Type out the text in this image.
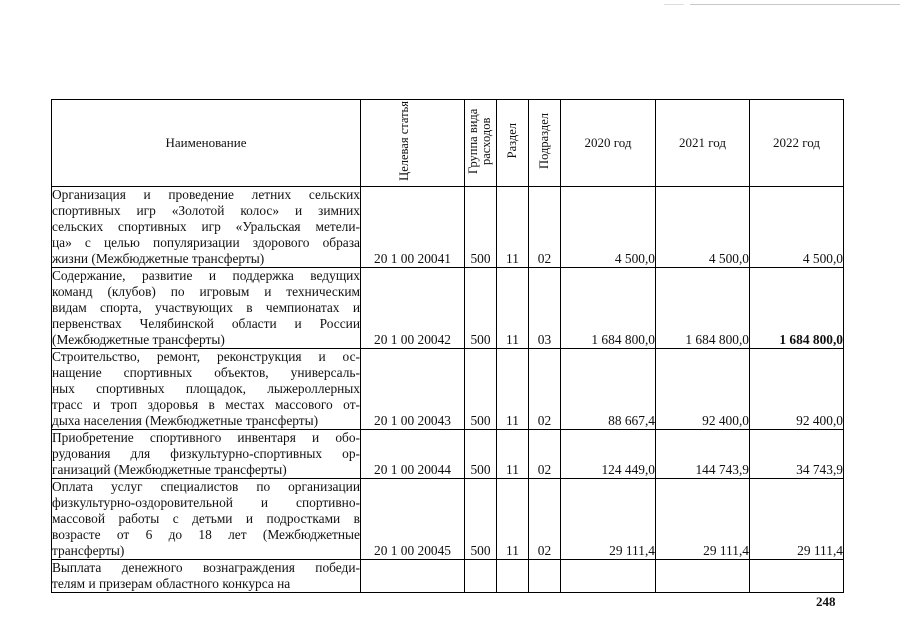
Наименование	Целевая статья	Группа вида расходов	Раздел	Подраздел	2020 год	2021 год	2022 год

Организация и проведение летних сельских
спортивных игр «Золотой колос» и зимних
сельских спортивных игр «Уральская метели-
ца» с целью популяризации здорового образа
жизни (Межбюджетные трансферты)	20 1 00 20041	500	11	02	4 500,0	4 500,0	4 500,0

Содержание, развитие и поддержка ведущих
команд (клубов) по игровым и техническим
видам спорта, участвующих в чемпионатах и
первенствах Челябинской области и России
(Межбюджетные трансферты)	20 1 00 20042	500	11	03	1 684 800,0	1 684 800,0	1 684 800,0

Строительство, ремонт, реконструкция и ос-
нащение спортивных объектов, универсаль-
ных спортивных площадок, лыжероллерных
трасс и троп здоровья в местах массового от-
дыха населения (Межбюджетные трансферты)	20 1 00 20043	500	11	02	88 667,4	92 400,0	92 400,0

Приобретение спортивного инвентаря и обо-
рудования для физкультурно-спортивных ор-
ганизаций (Межбюджетные трансферты)	20 1 00 20044	500	11	02	124 449,0	144 743,9	34 743,9

Оплата услуг специалистов по организации
физкультурно-оздоровительной и спортивно-
массовой работы с детьми и подростками в
возрасте от 6 до 18 лет (Межбюджетные
трансферты)	20 1 00 20045	500	11	02	29 111,4	29 111,4	29 111,4

Выплата денежного вознаграждения победи-
телям и призерам областного конкурса на							

248
